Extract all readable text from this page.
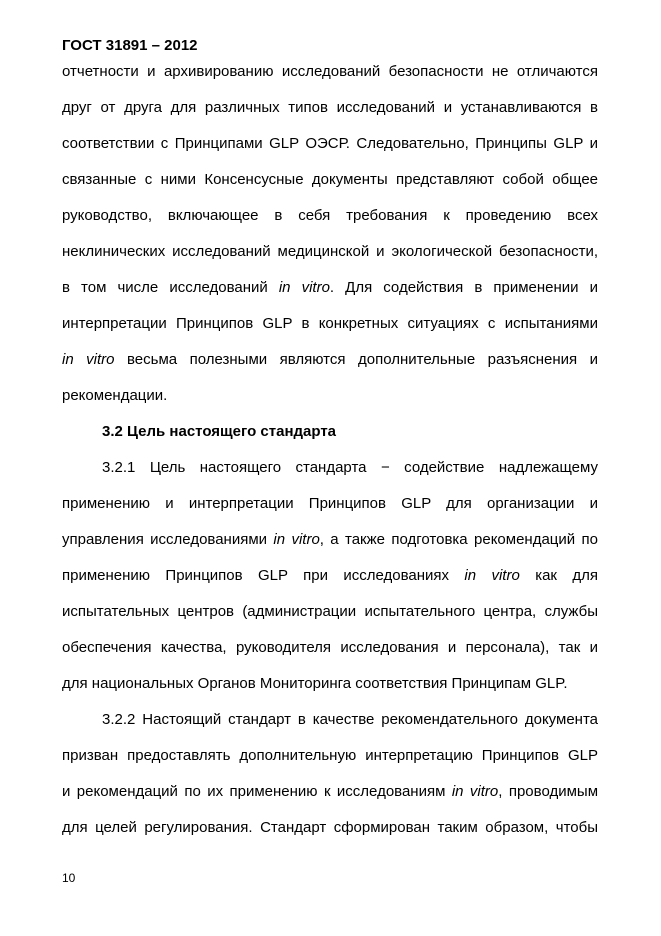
ГОСТ 31891 – 2012
отчетности и архивированию исследований безопасности не отличаются
друг от друга для различных типов исследований и устанавливаются в
соответствии с Принципами GLP ОЭСР. Следовательно, Принципы GLP и
связанные с ними Консенсусные документы представляют собой общее
руководство, включающее в себя требования к проведению всех
неклинических исследований медицинской и экологической безопасности,
в том числе исследований in vitro. Для содействия в применении и
интерпретации Принципов GLP в конкретных ситуациях с испытаниями
in vitro весьма полезными являются дополнительные разъяснения и
рекомендации.
3.2 Цель настоящего стандарта
3.2.1 Цель настоящего стандарта − содействие надлежащему
применению и интерпретации Принципов GLP для организации и
управления исследованиями in vitro, а также подготовка рекомендаций по
применению Принципов GLP при исследованиях in vitro как для
испытательных центров (администрации испытательного центра, службы
обеспечения качества, руководителя исследования и персонала), так и
для национальных Органов Мониторинга соответствия Принципам GLP.
3.2.2 Настоящий стандарт в качестве рекомендательного документа
призван предоставлять дополнительную интерпретацию Принципов GLP
и рекомендаций по их применению к исследованиям in vitro, проводимым
для целей регулирования. Стандарт сформирован таким образом, чтобы
10
